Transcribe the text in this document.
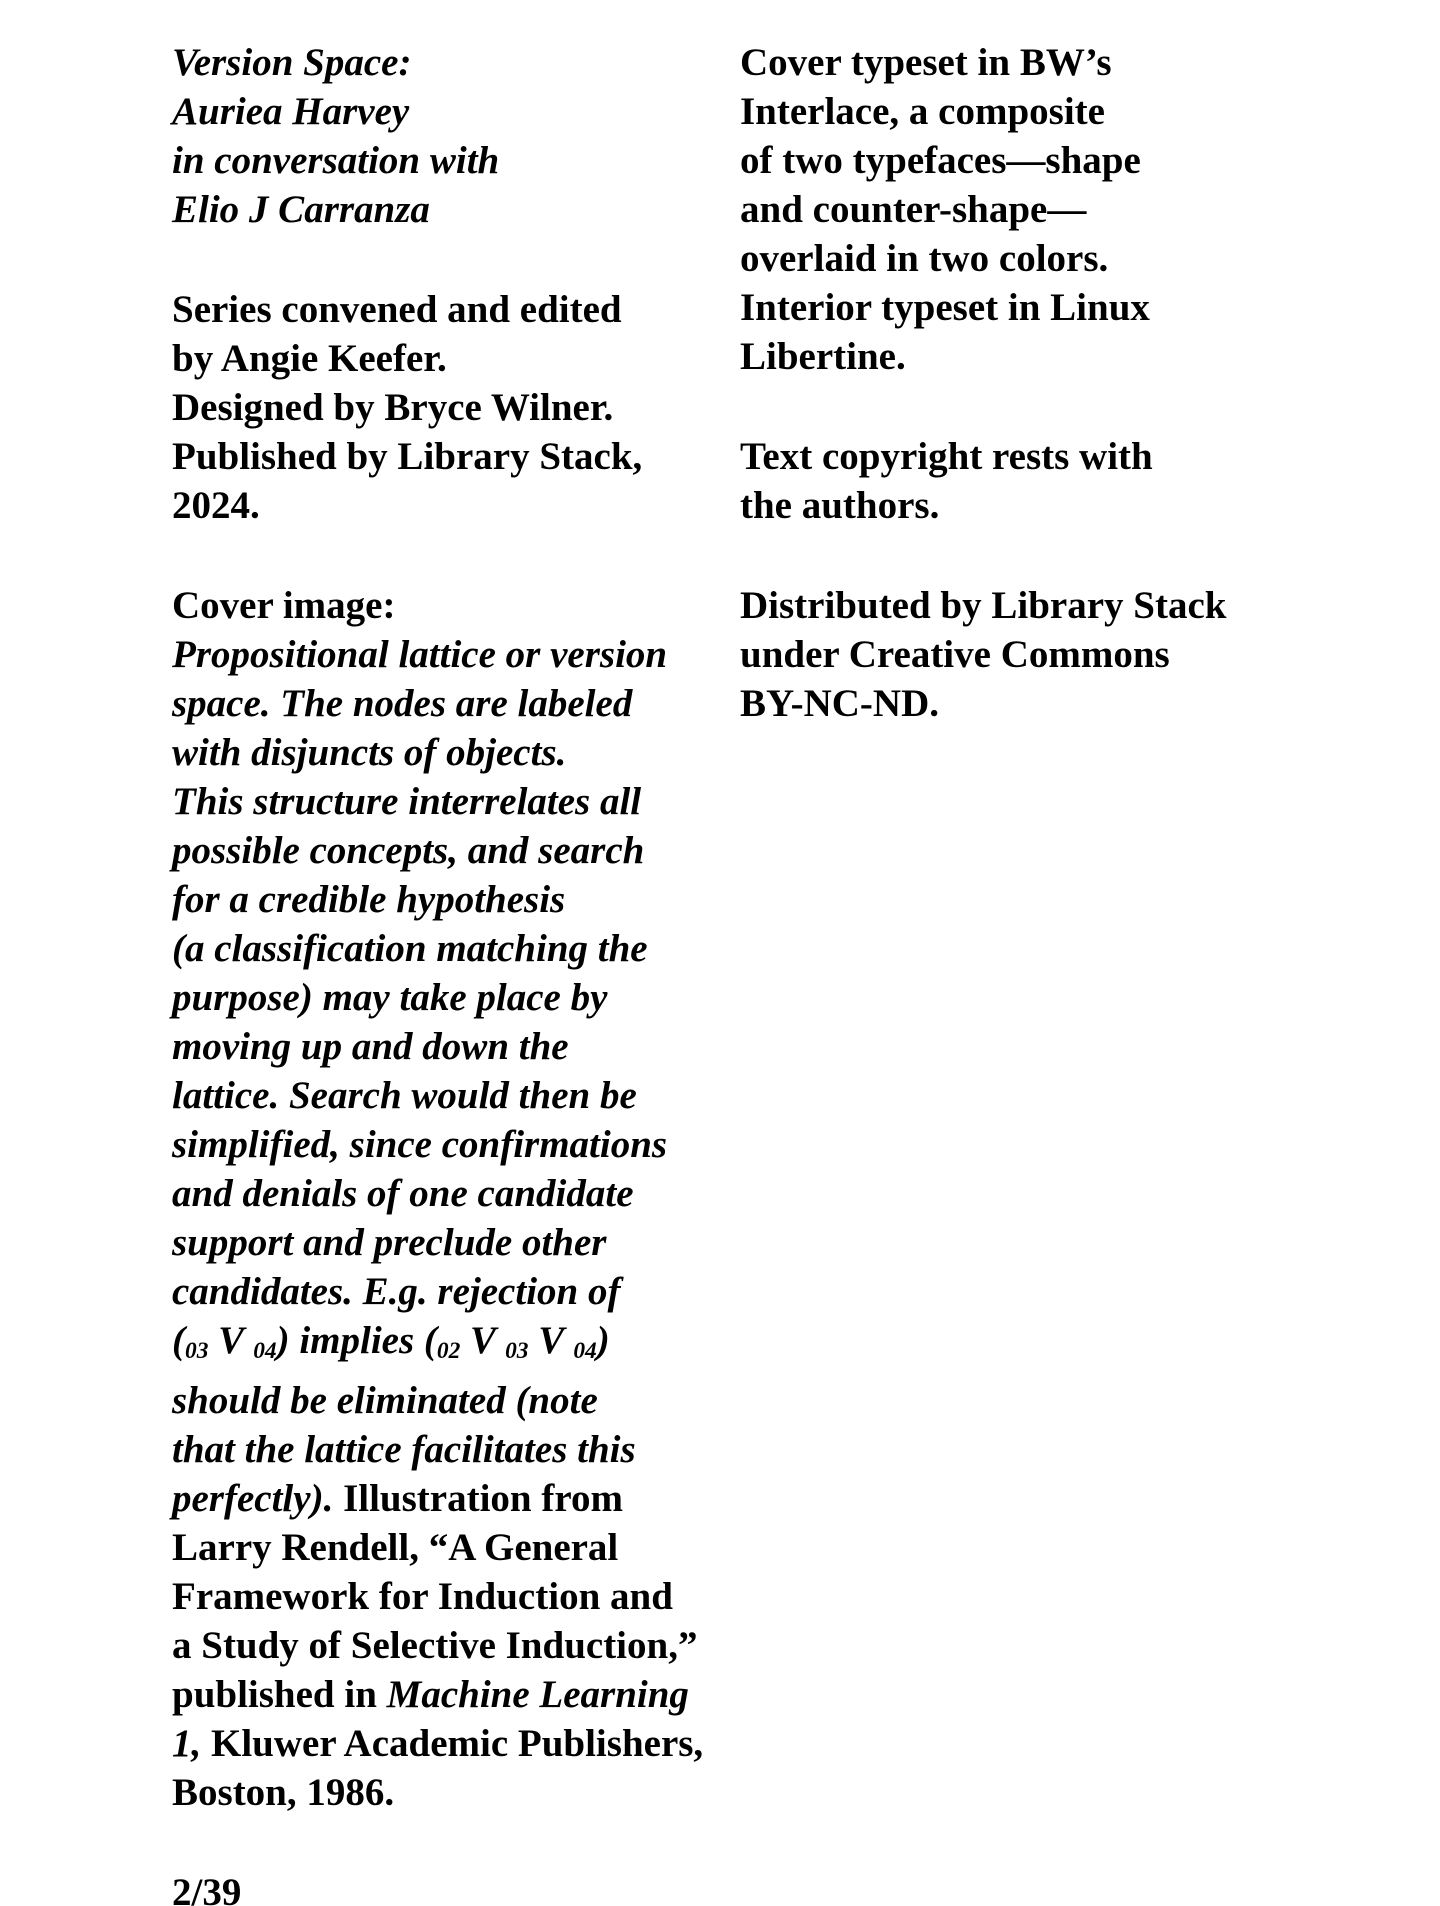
Version Space:
Auriea Harvey
in conversation with
Elio J Carranza

Series convened and edited
by Angie Keefer.
Designed by Bryce Wilner.
Published by Library Stack,
2024.

Cover image:
Propositional lattice or version
space. The nodes are labeled
with disjuncts of objects.
This structure interrelates all
possible concepts, and search
for a credible hypothesis
(a classification matching the
purpose) may take place by
moving up and down the
lattice. Search would then be
simplified, since confirmations
and denials of one candidate
support and preclude other
candidates. E.g. rejection of
($_{03}$ V $_{04}$) implies ($_{02}$ V $_{03}$ V $_{04}$)
should be eliminated (note
that the lattice facilitates this
perfectly). Illustration from
Larry Rendell, “A General
Framework for Induction and
a Study of Selective Induction,”
published in Machine Learning
1, Kluwer Academic Publishers,
Boston, 1986.

2/39

Cover typeset in BW’s
Interlace, a composite
of two typefaces—shape
and counter-shape—
overlaid in two colors.
Interior typeset in Linux
Libertine.

Text copyright rests with
the authors.

Distributed by Library Stack
under Creative Commons
BY-NC-ND.
